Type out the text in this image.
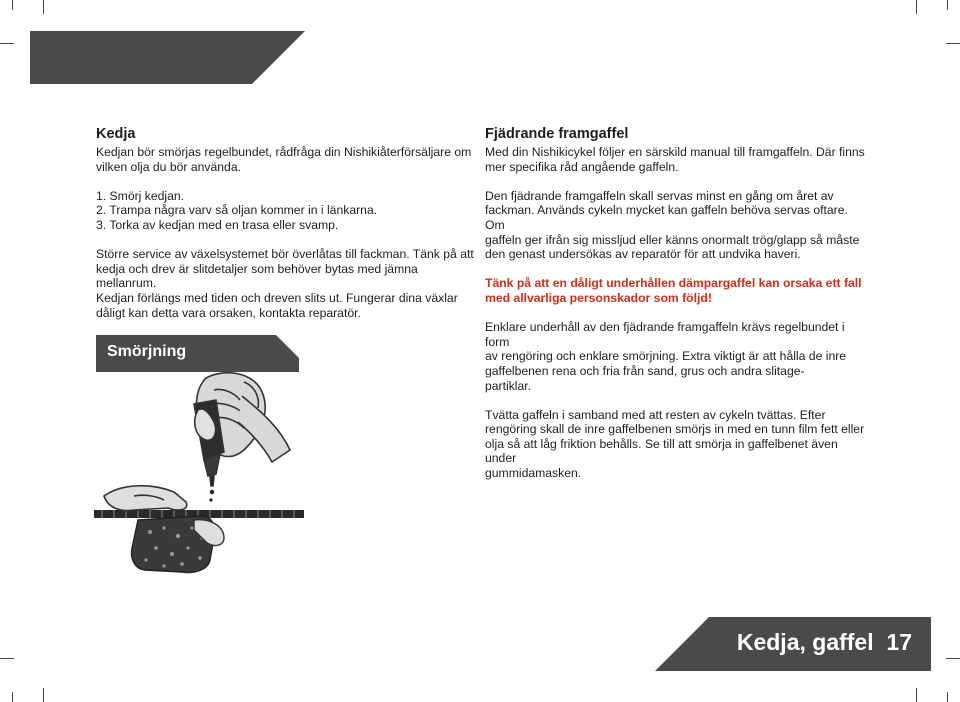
Kedja

Kedjan bör smörjas regelbundet, rådfråga din Nishikiåterförsäljare om
vilken olja du bör använda.

1. Smörj kedjan.
2. Trampa några varv så oljan kommer in i länkarna.
3. Torka av kedjan med en trasa eller svamp.

Större service av växelsystemet bör överlåtas till fackman. Tänk på att
kedja och drev är slitdetaljer som behöver bytas med jämna mellanrum.
Kedjan förlängs med tiden och dreven slits ut. Fungerar dina växlar
dåligt kan detta vara orsaken, kontakta reparatör.

Smörjning
Fjädrande framgaffel

Med din Nishikicykel följer en särskild manual till framgaffeln. Där finns
mer specifika råd angående gaffeln.

Den fjädrande framgaffeln skall servas minst en gång om året av
fackman. Används cykeln mycket kan gaffeln behöva servas oftare. Om
gaffeln ger ifrån sig missljud eller känns onormalt trög/glapp så måste
den genast undersökas av reparatör för att undvika haveri.

Tänk på att en dåligt underhållen dämpargaffel kan orsaka ett fall
med allvarliga personskador som följd!

Enklare underhåll av den fjädrande framgaffeln krävs regelbundet i form
av rengöring och enklare smörjning. Extra viktigt är att hålla de inre
gaffelbenen rena och fria från sand, grus och andra slitage-
partiklar.

Tvätta gaffeln i samband med att resten av cykeln tvättas. Efter
rengöring skall de inre gaffelbenen smörjs in med en tunn film fett eller
olja så att låg friktion behålls. Se till att smörja in gaffelbenet även under
gummidamasken.

Kedja, gaffel 17
